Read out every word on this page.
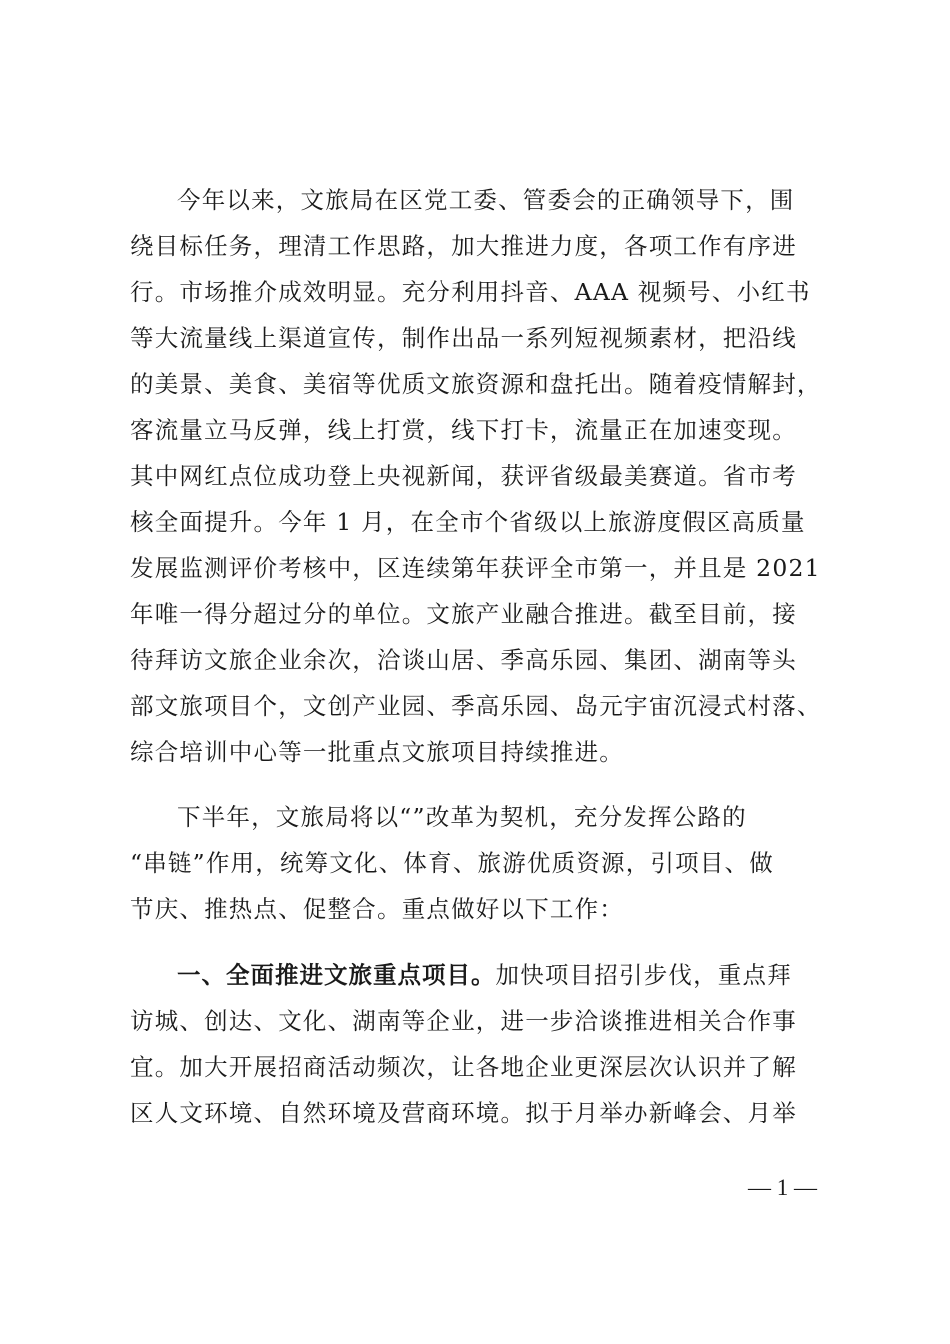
今年以来，文旅局在区党工委、管委会的正确领导下，围
绕目标任务，理清工作思路，加大推进力度，各项工作有序进
行。市场推介成效明显。充分利用抖音、AAA 视频号、小红书
等大流量线上渠道宣传，制作出品一系列短视频素材，把沿线
的美景、美食、美宿等优质文旅资源和盘托出。随着疫情解封，
客流量立马反弹，线上打赏，线下打卡，流量正在加速变现。
其中网红点位成功登上央视新闻，获评省级最美赛道。省市考
核全面提升。今年 1 月，在全市个省级以上旅游度假区高质量
发展监测评价考核中，区连续第年获评全市第一，并且是 2021
年唯一得分超过分的单位。文旅产业融合推进。截至目前，接
待拜访文旅企业余次，洽谈山居、季高乐园、集团、湖南等头
部文旅项目个，文创产业园、季高乐园、岛元宇宙沉浸式村落、
综合培训中心等一批重点文旅项目持续推进。
下半年，文旅局将以“”改革为契机，充分发挥公路的
“串链”作用，统筹文化、体育、旅游优质资源，引项目、做
节庆、推热点、促整合。重点做好以下工作：
一、全面推进文旅重点项目。加快项目招引步伐，重点拜
访城、创达、文化、湖南等企业，进一步洽谈推进相关合作事
宜。加大开展招商活动频次，让各地企业更深层次认识并了解
区人文环境、自然环境及营商环境。拟于月举办新峰会、月举
— 1 —
